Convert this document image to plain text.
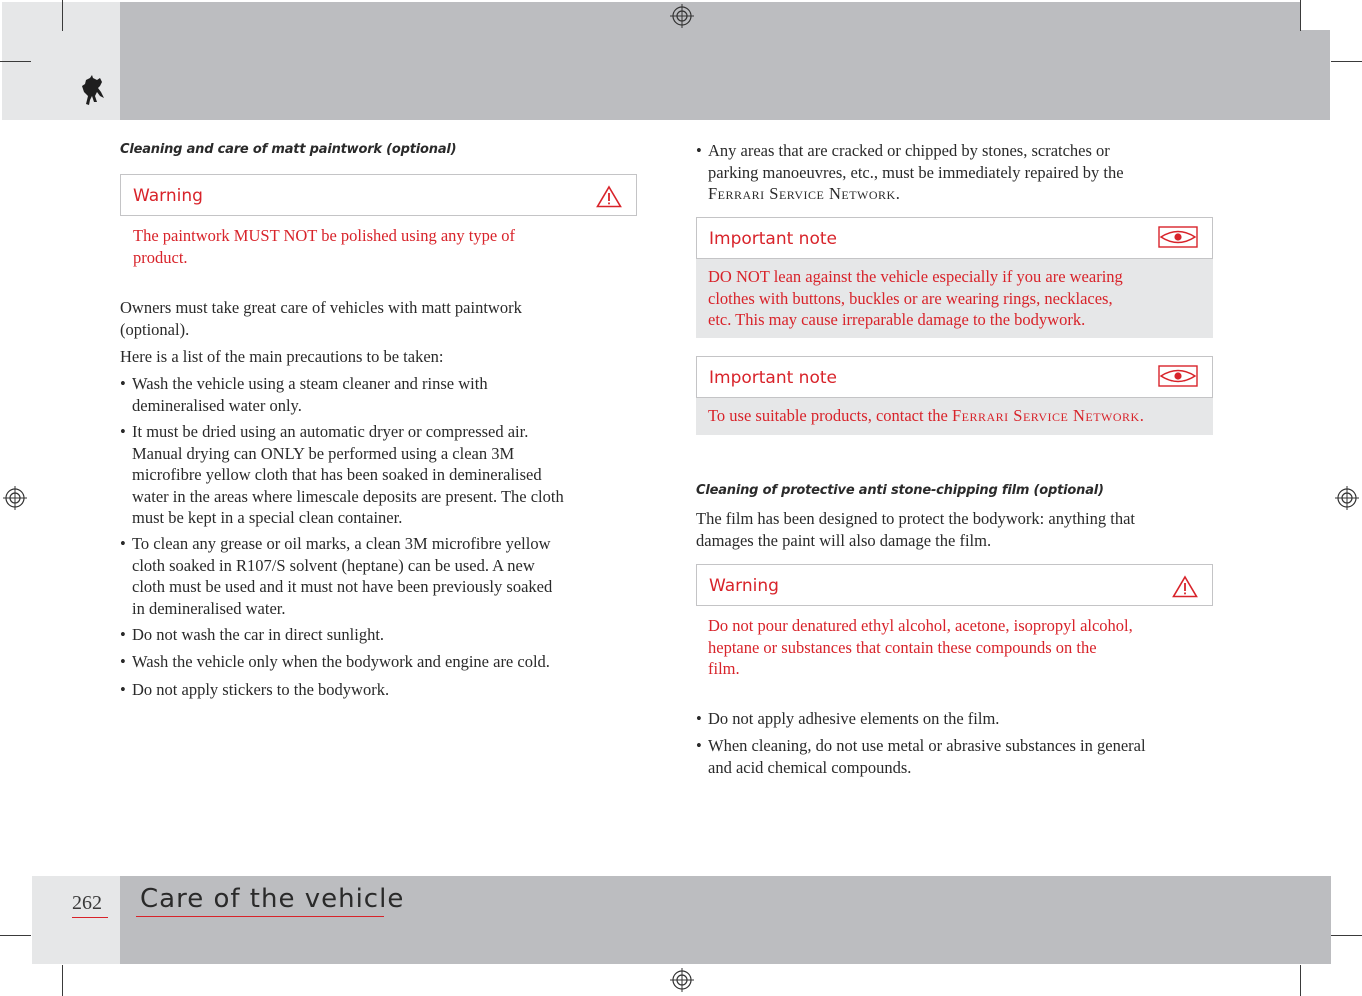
Cleaning and care of matt paintwork (optional)
Warning
The paintwork MUST NOT be polished using any type of
product.
Owners must take great care of vehicles with matt paintwork
(optional).
Here is a list of the main precautions to be taken:
• Wash the vehicle using a steam cleaner and rinse with
demineralised water only.
• It must be dried using an automatic dryer or compressed air.
Manual drying can ONLY be performed using a clean 3M
microfibre yellow cloth that has been soaked in demineralised
water in the areas where limescale deposits are present. The cloth
must be kept in a special clean container.
• To clean any grease or oil marks, a clean 3M microfibre yellow
cloth soaked in R107/S solvent (heptane) can be used. A new
cloth must be used and it must not have been previously soaked
in demineralised water.
• Do not wash the car in direct sunlight.
• Wash the vehicle only when the bodywork and engine are cold.
• Do not apply stickers to the bodywork.
• Any areas that are cracked or chipped by stones, scratches or
parking manoeuvres, etc., must be immediately repaired by the
Ferrari Service Network.
Important note
DO NOT lean against the vehicle especially if you are wearing
clothes with buttons, buckles or are wearing rings, necklaces,
etc. This may cause irreparable damage to the bodywork.
Important note
To use suitable products, contact the Ferrari Service Network.
Cleaning of protective anti stone-chipping film (optional)
The film has been designed to protect the bodywork: anything that
damages the paint will also damage the film.
Warning
Do not pour denatured ethyl alcohol, acetone, isopropyl alcohol,
heptane or substances that contain these compounds on the
film.
• Do not apply adhesive elements on the film.
• When cleaning, do not use metal or abrasive substances in general
and acid chemical compounds.
262 Care of the vehicle
